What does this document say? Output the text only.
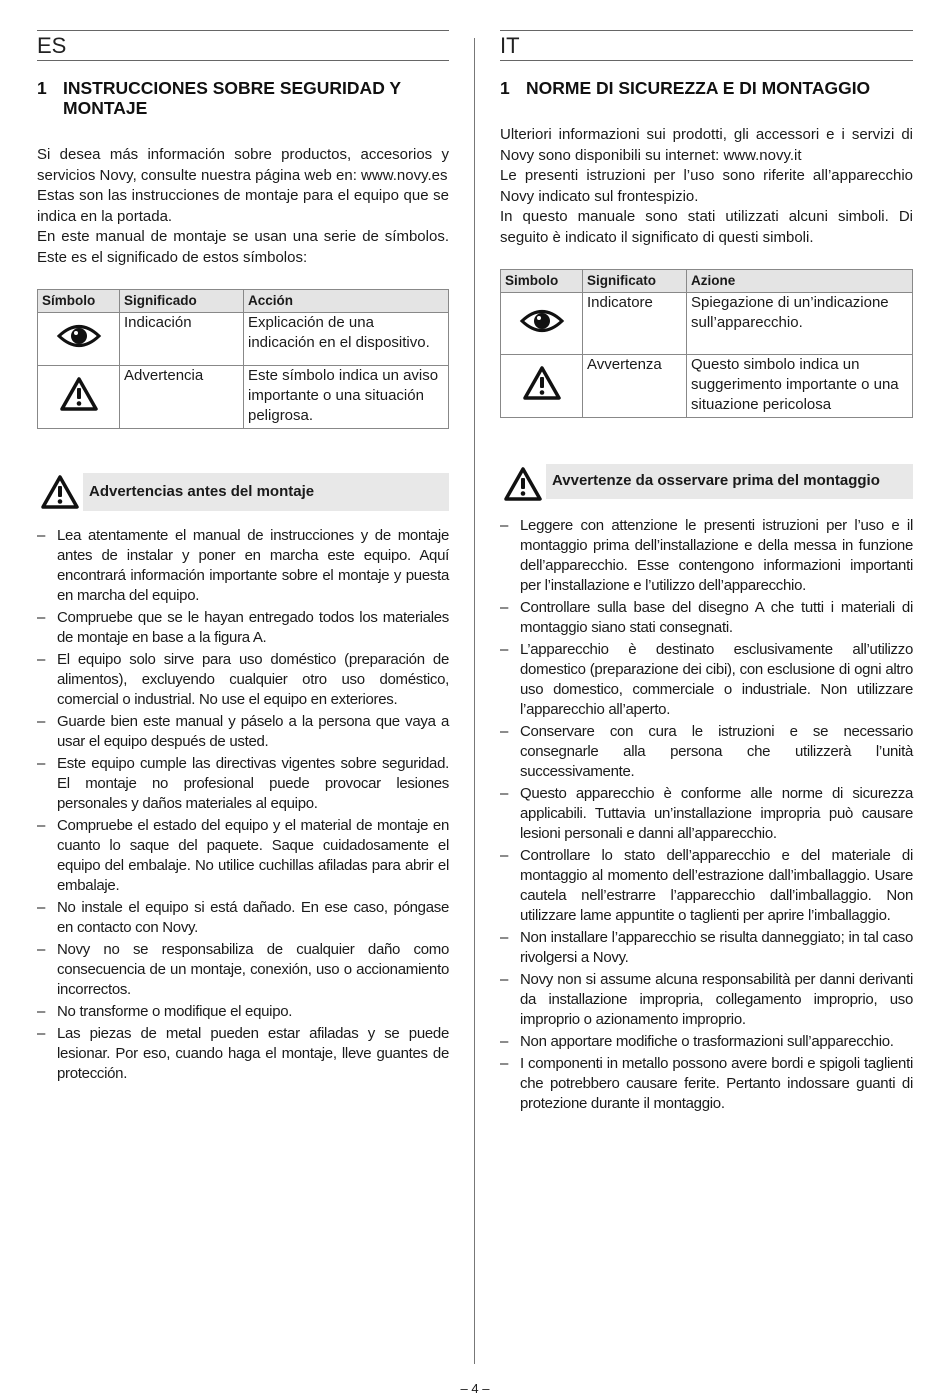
ES
1 INSTRUCCIONES SOBRE SEGURIDAD Y MONTAJE

Si desea más información sobre productos, accesorios y servicios Novy, consulte nuestra página web en: www.novy.es

Estas son las instrucciones de montaje para el equipo que se indica en la portada.

En este manual de montaje se usan una serie de símbolos. Este es el significado de estos símbolos:

Símbolo	Significado	Acción
	Indicación	Explicación de una indicación en el dispositivo.
	Advertencia	Este símbolo indica un aviso importante o una situación peligrosa.
Advertencias antes del montaje
– Lea atentamente el manual de instrucciones y de montaje antes de instalar y poner en marcha este equipo. Aquí encontrará información importante sobre el montaje y puesta en marcha del equipo.
– Compruebe que se le hayan entregado todos los materiales de montaje en base a la figura A.
– El equipo solo sirve para uso doméstico (preparación de alimentos), excluyendo cualquier otro uso doméstico, comercial o industrial. No use el equipo en exteriores.
– Guarde bien este manual y páselo a la persona que vaya a usar el equipo después de usted.
– Este equipo cumple las directivas vigentes sobre seguridad. El montaje no profesional puede provocar lesiones personales y daños materiales al equipo.
– Compruebe el estado del equipo y el material de montaje en cuanto lo saque del paquete. Saque cuidadosamente el equipo del embalaje. No utilice cuchillas afiladas para abrir el embalaje.
– No instale el equipo si está dañado. En ese caso, póngase en contacto con Novy.
– Novy no se responsabiliza de cualquier daño como consecuencia de un montaje, conexión, uso o accionamiento incorrectos.
– No transforme o modifique el equipo.
– Las piezas de metal pueden estar afiladas y se puede lesionar. Por eso, cuando haga el montaje, lleve guantes de protección.
IT
1 NORME DI SICUREZZA E DI MONTAGGIO

Ulteriori informazioni sui prodotti, gli accessori e i servizi di Novy sono disponibili su internet: www.novy.it

Le presenti istruzioni per l’uso sono riferite all’apparecchio Novy indicato sul frontespizio.

In questo manuale sono stati utilizzati alcuni simboli. Di seguito è indicato il significato di questi simboli.

Simbolo	Significato	Azione
	Indicatore	Spiegazione di un’indicazione sull’apparecchio.
	Avvertenza	Questo simbolo indica un suggerimento importante o una situazione pericolosa
Avvertenze da osservare prima del montaggio
– Leggere con attenzione le presenti istruzioni per l’uso e il montaggio prima dell’installazione e della messa in funzione dell’apparecchio. Esse contengono informazioni importanti per l’installazione e l’utilizzo dell’apparecchio.
– Controllare sulla base del disegno A che tutti i materiali di montaggio siano stati consegnati.
– L’apparecchio è destinato esclusivamente all’utilizzo domestico (preparazione dei cibi), con esclusione di ogni altro uso domestico, commerciale o industriale. Non utilizzare l’apparecchio all’aperto.
– Conservare con cura le istruzioni e se necessario consegnarle alla persona che utilizzerà l’unità successivamente.
– Questo apparecchio è conforme alle norme di sicurezza applicabili. Tuttavia un’installazione impropria può causare lesioni personali e danni all’apparecchio.
– Controllare lo stato dell’apparecchio e del materiale di montaggio al momento dell’estrazione dall’imballaggio. Usare cautela nell’estrarre l’apparecchio dall’imballaggio. Non utilizzare lame appuntite o taglienti per aprire l’imballaggio.
– Non installare l’apparecchio se risulta danneggiato; in tal caso rivolgersi a Novy.
– Novy non si assume alcuna responsabilità per danni derivanti da installazione impropria, collegamento improprio, uso improprio o azionamento improprio.
– Non apportare modifiche o trasformazioni sull’apparecchio.
– I componenti in metallo possono avere bordi e spigoli taglienti che potrebbero causare ferite. Pertanto indossare guanti di protezione durante il montaggio.
– 4 –
